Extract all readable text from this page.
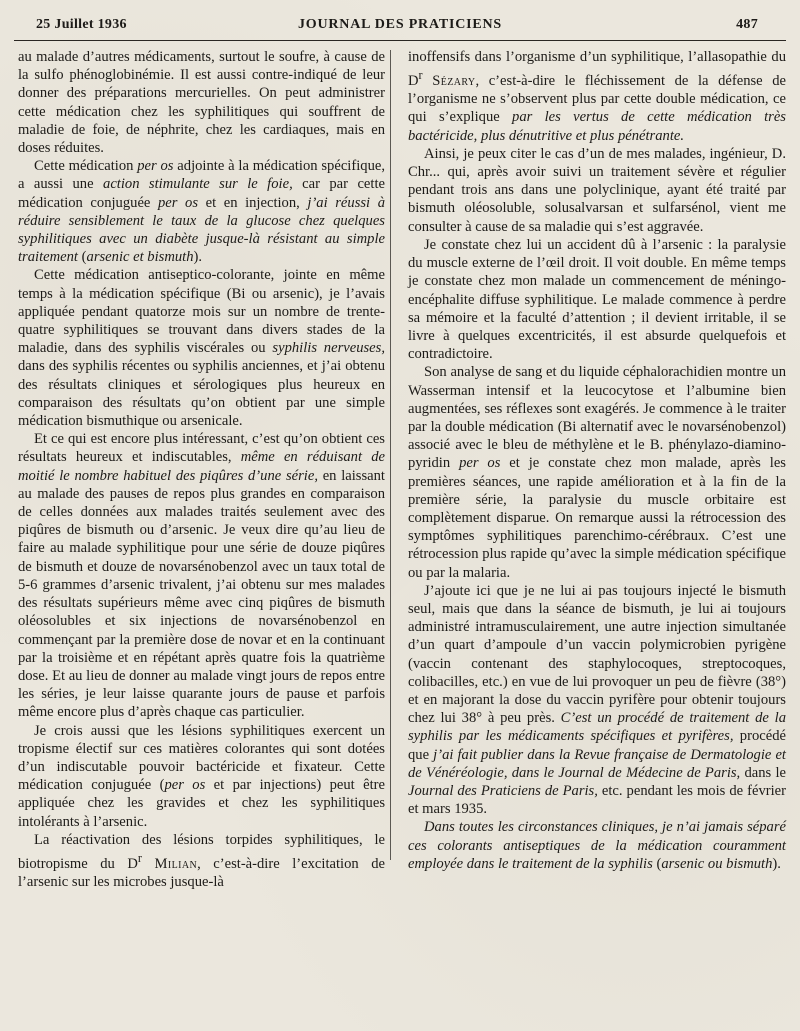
25 Juillet 1936	JOURNAL DES PRATICIENS	487

au malade d’autres médicaments, surtout le soufre, à cause de la sulfo phénoglobinémie. Il est aussi contre-indiqué de leur donner des préparations mercurielles. On peut administrer cette médication chez les syphilitiques qui souffrent de maladie de foie, de néphrite, chez les cardiaques, mais en doses réduites.

Cette médication per os adjointe à la médication spécifique, a aussi une action stimulante sur le foie, car par cette médication conjuguée per os et en injection, j’ai réussi à réduire sensiblement le taux de la glucose chez quelques syphilitiques avec un diabète jusque-là résistant au simple traitement (arsenic et bismuth).

Cette médication antiseptico-colorante, jointe en même temps à la médication spécifique (Bi ou arsenic), je l’avais appliquée pendant quatorze mois sur un nombre de trente-quatre syphilitiques se trouvant dans divers stades de la maladie, dans des syphilis viscérales ou syphilis nerveuses, dans des syphilis récentes ou syphilis anciennes, et j’ai obtenu des résultats cliniques et sérologiques plus heureux en comparaison des résultats qu’on obtient par une simple médication bismuthique ou arsenicale.

Et ce qui est encore plus intéressant, c’est qu’on obtient ces résultats heureux et indiscutables, même en réduisant de moitié le nombre habituel des piqûres d’une série, en laissant au malade des pauses de repos plus grandes en comparaison de celles données aux malades traités seulement avec des piqûres de bismuth ou d’arsenic. Je veux dire qu’au lieu de faire au malade syphilitique pour une série de douze piqûres de bismuth et douze de novarsénobenzol avec un taux total de 5-6 grammes d’arsenic trivalent, j’ai obtenu sur mes malades des résultats supérieurs même avec cinq piqûres de bismuth oléosolubles et six injections de novarsénobenzol en commençant par la première dose de novar et en la continuant par la troisième et en répétant après quatre fois la quatrième dose. Et au lieu de donner au malade vingt jours de repos entre les séries, je leur laisse quarante jours de pause et parfois même encore plus d’après chaque cas particulier.

Je crois aussi que les lésions syphilitiques exercent un tropisme électif sur ces matières colorantes qui sont dotées d’un indiscutable pouvoir bactéricide et fixateur. Cette médication conjuguée (per os et par injections) peut être appliquée chez les gravides et chez les syphilitiques intolérants à l’arsenic.

La réactivation des lésions torpides syphilitiques, le biotropisme du $D^r$ Milian, c’est-à-dire l’excitation de l’arsenic sur les microbes jusque-là

inoffensifs dans l’organisme d’un syphilitique, l’allasopathie du $D^r$ Sézary, c’est-à-dire le fléchissement de la défense de l’organisme ne s’observent plus par cette double médication, ce qui s’explique par les vertus de cette médication très bactéricide, plus dénutritive et plus pénétrante.

Ainsi, je peux citer le cas d’un de mes malades, ingénieur, D. Chr... qui, après avoir suivi un traitement sévère et régulier pendant trois ans dans une polyclinique, ayant été traité par bismuth oléosoluble, solusalvarsan et sulfarsénol, vient me consulter à cause de sa maladie qui s’est aggravée.

Je constate chez lui un accident dû à l’arsenic : la paralysie du muscle externe de l’œil droit. Il voit double. En même temps je constate chez mon malade un commencement de méningo-encéphalite diffuse syphilitique. Le malade commence à perdre sa mémoire et la faculté d’attention ; il devient irritable, il se livre à quelques excentricités, il est absurde quelquefois et contradictoire.

Son analyse de sang et du liquide céphalorachidien montre un Wasserman intensif et la leucocytose et l’albumine bien augmentées, ses réflexes sont exagérés. Je commence à le traiter par la double médication (Bi alternatif avec le novarsénobenzol) associé avec le bleu de méthylène et le B. phénylazo-diamino-pyridin per os et je constate chez mon malade, après les premières séances, une rapide amélioration et à la fin de la première série, la paralysie du muscle orbitaire est complètement disparue. On remarque aussi la rétrocession des symptômes syphilitiques parenchimo-cérébraux. C’est une rétrocession plus rapide qu’avec la simple médication spécifique ou par la malaria.

J’ajoute ici que je ne lui ai pas toujours injecté le bismuth seul, mais que dans la séance de bismuth, je lui ai toujours administré intramusculairement, une autre injection simultanée d’un quart d’ampoule d’un vaccin polymicrobien pyrigène (vaccin contenant des staphylocoques, streptocoques, colibacilles, etc.) en vue de lui provoquer un peu de fièvre (38°) et en majorant la dose du vaccin pyrifère pour obtenir toujours chez lui 38° à peu près. C’est un procédé de traitement de la syphilis par les médicaments spécifiques et pyrifères, procédé que j’ai fait publier dans la Revue française de Dermatologie et de Vénéréologie, dans le Journal de Médecine de Paris, dans le Journal des Praticiens de Paris, etc. pendant les mois de février et mars 1935.

Dans toutes les circonstances cliniques, je n’ai jamais séparé ces colorants antiseptiques de la médication couramment employée dans le traitement de la syphilis (arsenic ou bismuth).
